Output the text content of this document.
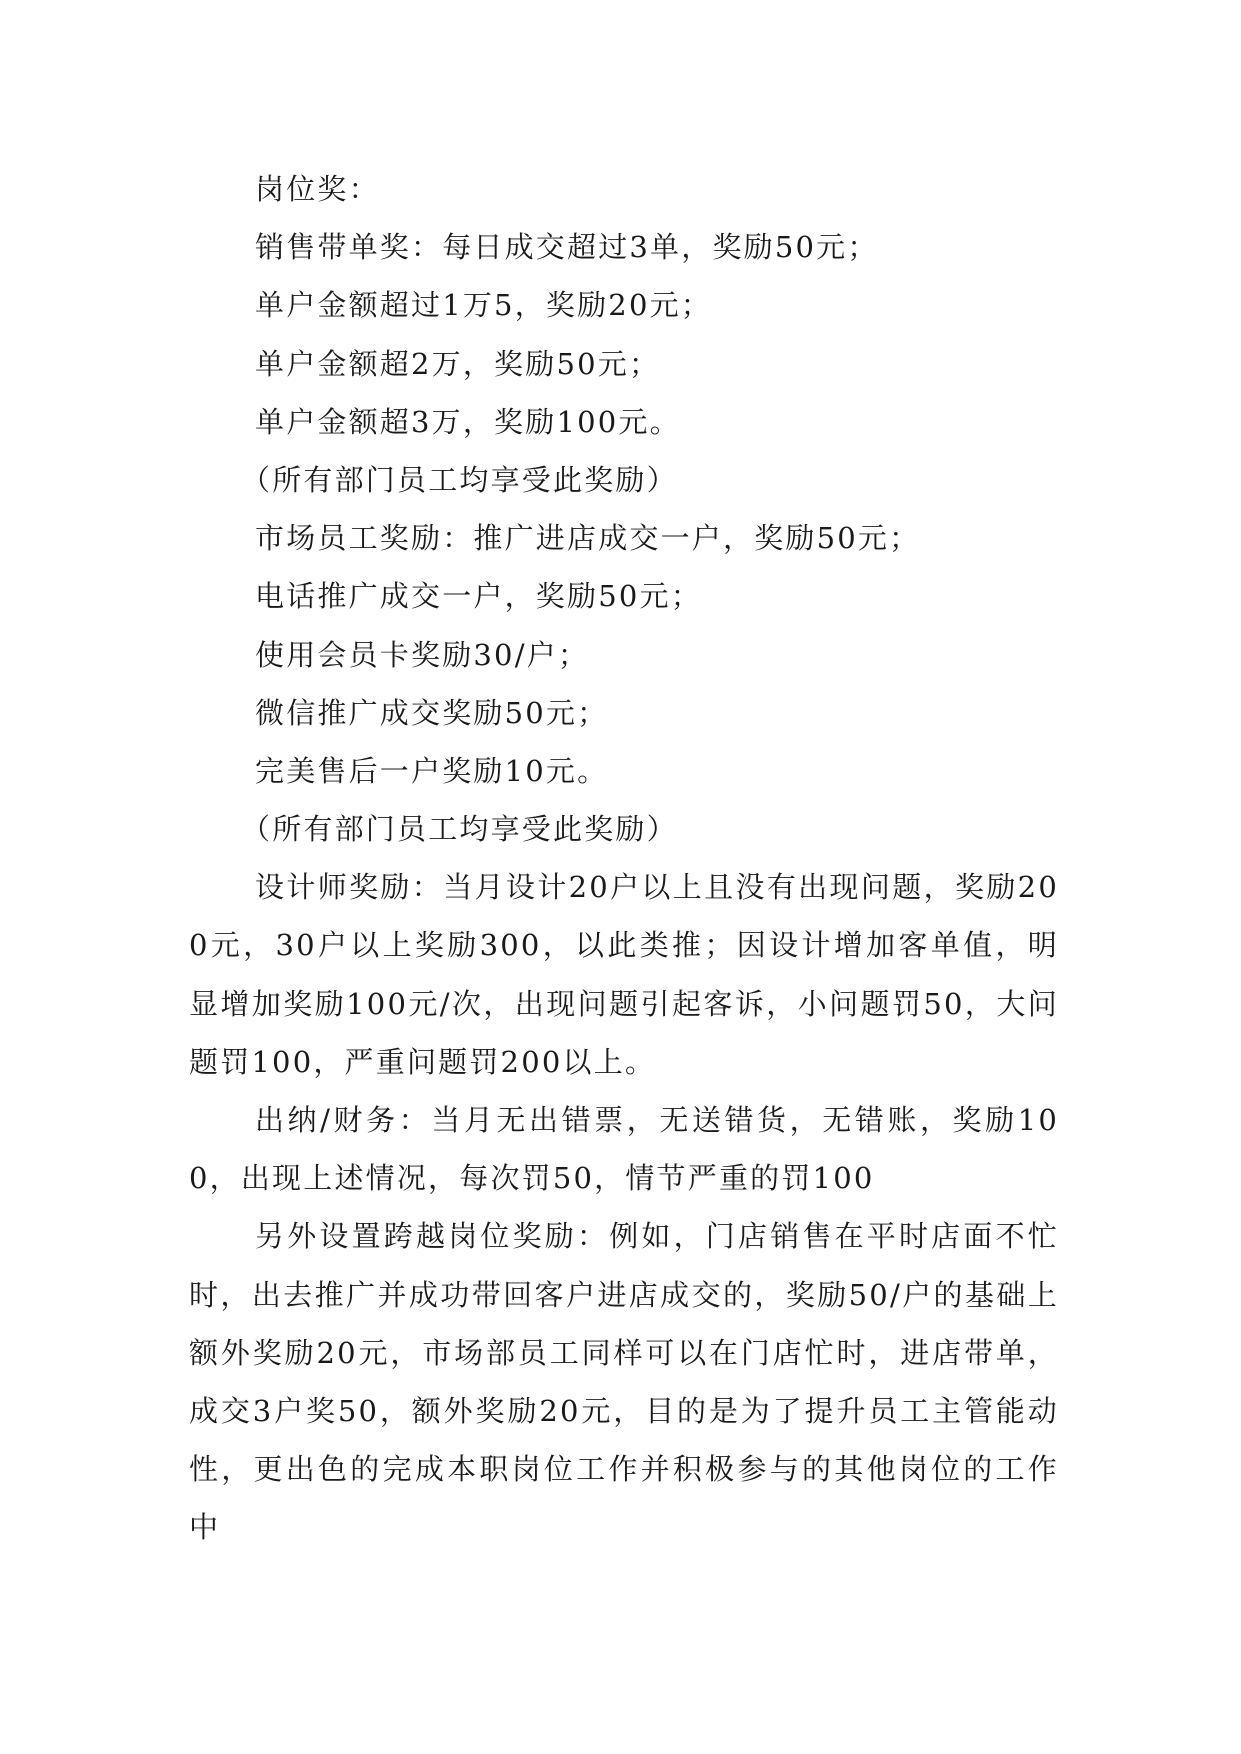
岗位奖：
销售带单奖：每日成交超过3单，奖励50元；
单户金额超过1万5，奖励20元；
单户金额超2万，奖励50元；
单户金额超3万，奖励100元。
（所有部门员工均享受此奖励）
市场员工奖励：推广进店成交一户，奖励50元；
电话推广成交一户，奖励50元；
使用会员卡奖励30/户；
微信推广成交奖励50元；
完美售后一户奖励10元。
（所有部门员工均享受此奖励）
设计师奖励：当月设计20户以上且没有出现问题，奖励200元，30户以上奖励300，以此类推；因设计增加客单值，明显增加奖励100元/次，出现问题引起客诉，小问题罚50，大问题罚100，严重问题罚200以上。
出纳/财务：当月无出错票，无送错货，无错账，奖励100，出现上述情况，每次罚50，情节严重的罚100
另外设置跨越岗位奖励：例如，门店销售在平时店面不忙时，出去推广并成功带回客户进店成交的，奖励50/户的基础上额外奖励20元，市场部员工同样可以在门店忙时，进店带单，成交3户奖50，额外奖励20元，目的是为了提升员工主管能动性，更出色的完成本职岗位工作并积极参与的其他岗位的工作中
